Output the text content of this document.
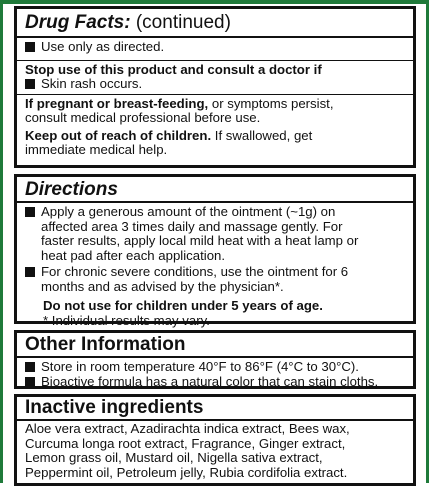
Drug Facts: (continued)
Use only as directed.
Stop use of this product and consult a doctor if
Skin rash occurs.
If pregnant or breast-feeding, or symptoms persist,
consult medical professional before use.
Keep out of reach of children. If swallowed, get
immediate medical help.
Directions
Apply a generous amount of the ointment (~1g) on
affected area 3 times daily and massage gently. For
faster results, apply local mild heat with a heat lamp or
heat pad after each application.
For chronic severe conditions, use the ointment for 6
months and as advised by the physician*.
Do not use for children under 5 years of age.
* Individual results may vary.
Other Information
Store in room temperature 40°F to 86°F (4°C to 30°C).
Bioactive formula has a natural color that can stain cloths.
Inactive ingredients
Aloe vera extract, Azadirachta indica extract, Bees wax,
Curcuma longa root extract, Fragrance, Ginger extract,
Lemon grass oil, Mustard oil, Nigella sativa extract,
Peppermint oil, Petroleum jelly, Rubia cordifolia extract.
